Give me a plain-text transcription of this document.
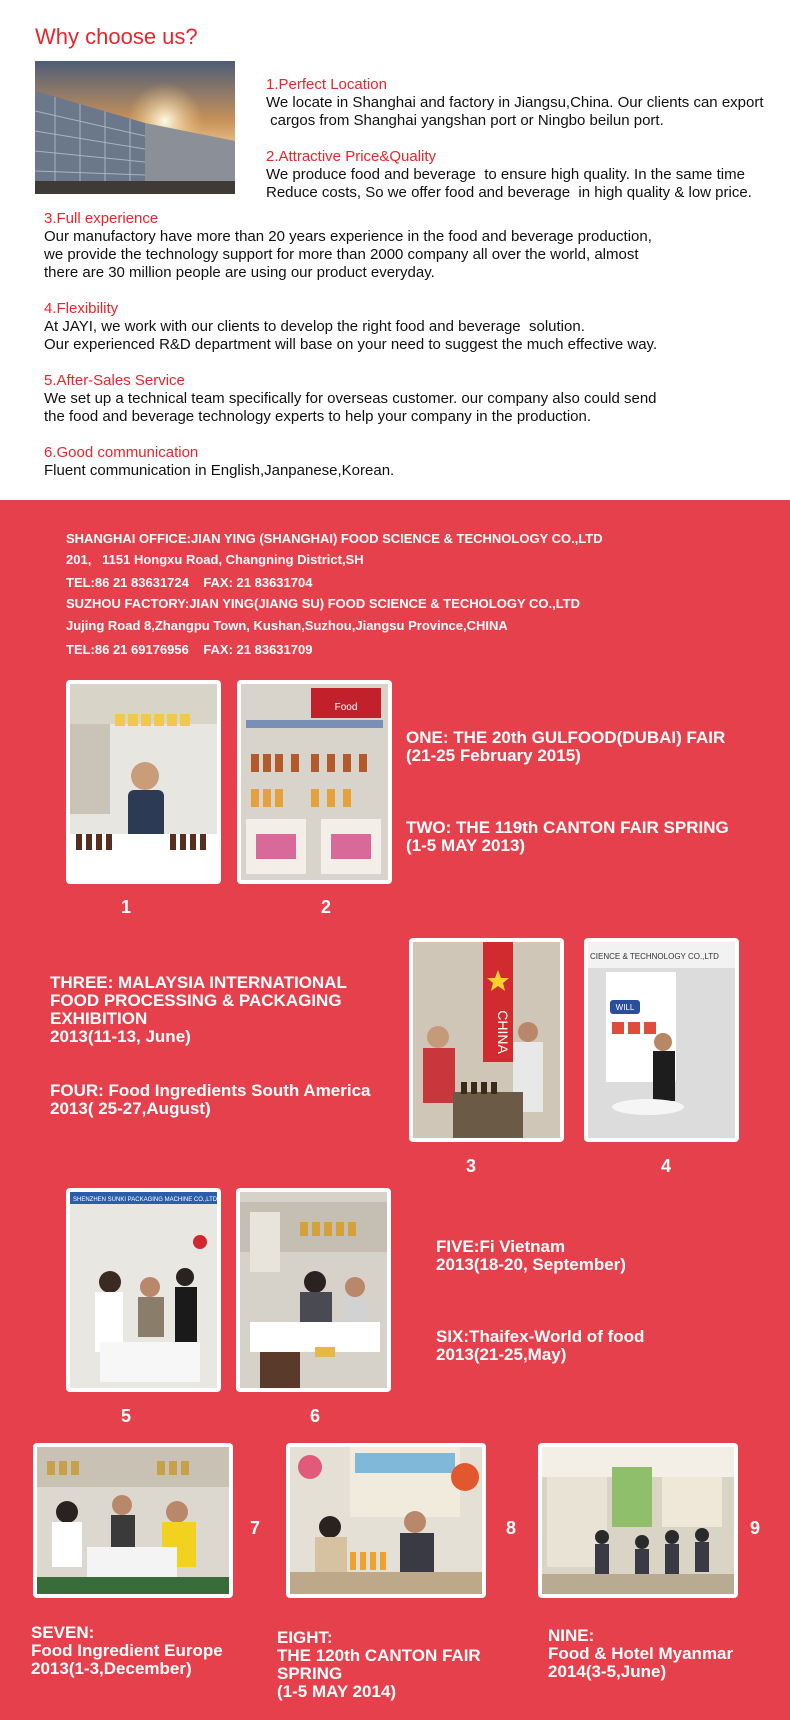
Why choose us?
1.Perfect Location
We locate in Shanghai and factory in Jiangsu,China. Our clients can export
cargos from Shanghai yangshan port or Ningbo beilun port.
2.Attractive Price&Quality
We produce food and beverage  to ensure high quality. In the same time
Reduce costs, So we offer food and beverage  in high quality & low price.
3.Full experience
Our manufactory have more than 20 years experience in the food and beverage production,
we provide the technology support for more than 2000 company all over the world, almost
there are 30 million people are using our product everyday.
4.Flexibility
At JAYI, we work with our clients to develop the right food and beverage  solution.
Our experienced R&D department will base on your need to suggest the much effective way.
5.After-Sales Service
We set up a technical team specifically for overseas customer. our company also could send
the food and beverage technology experts to help your company in the production.
6.Good communication
Fluent communication in English,Janpanese,Korean.
SHANGHAI OFFICE:JIAN YING (SHANGHAI) FOOD SCIENCE & TECHNOLOGY CO.,LTD
201,   1151 Hongxu Road, Changning District,SH
TEL:86 21 83631724    FAX: 21 83631704
SUZHOU FACTORY:JIAN YING(JIANG SU) FOOD SCIENCE & TECHOLOGY CO.,LTD
Jujing Road 8,Zhangpu Town, Kushan,Suzhou,Jiangsu Province,CHINA
TEL:86 21 69176956    FAX: 21 83631709
Food
1	2
ONE: THE 20th GULFOOD(DUBAI) FAIR
(21-25 February 2015)
TWO: THE 119th CANTON FAIR SPRING
(1-5 MAY 2013)
THREE: MALAYSIA INTERNATIONAL
FOOD PROCESSING & PACKAGING
EXHIBITION
2013(11-13, June)
FOUR: Food Ingredients South America
2013( 25-27,August)
CHINA
CIENCE & TECHNOLOGY CO.,LTD
WILL
3	4
SHENZHEN SUNKI PACKAGING MACHINE CO.,LTD
5	6
FIVE:Fi Vietnam
2013(18-20, September)
SIX:Thaifex-World of food
2013(21-25,May)
7	8	9
SEVEN:
Food Ingredient Europe
2013(1-3,December)
EIGHT:
THE 120th CANTON FAIR
SPRING
(1-5 MAY 2014)
NINE:
Food & Hotel Myanmar
2014(3-5,June)
